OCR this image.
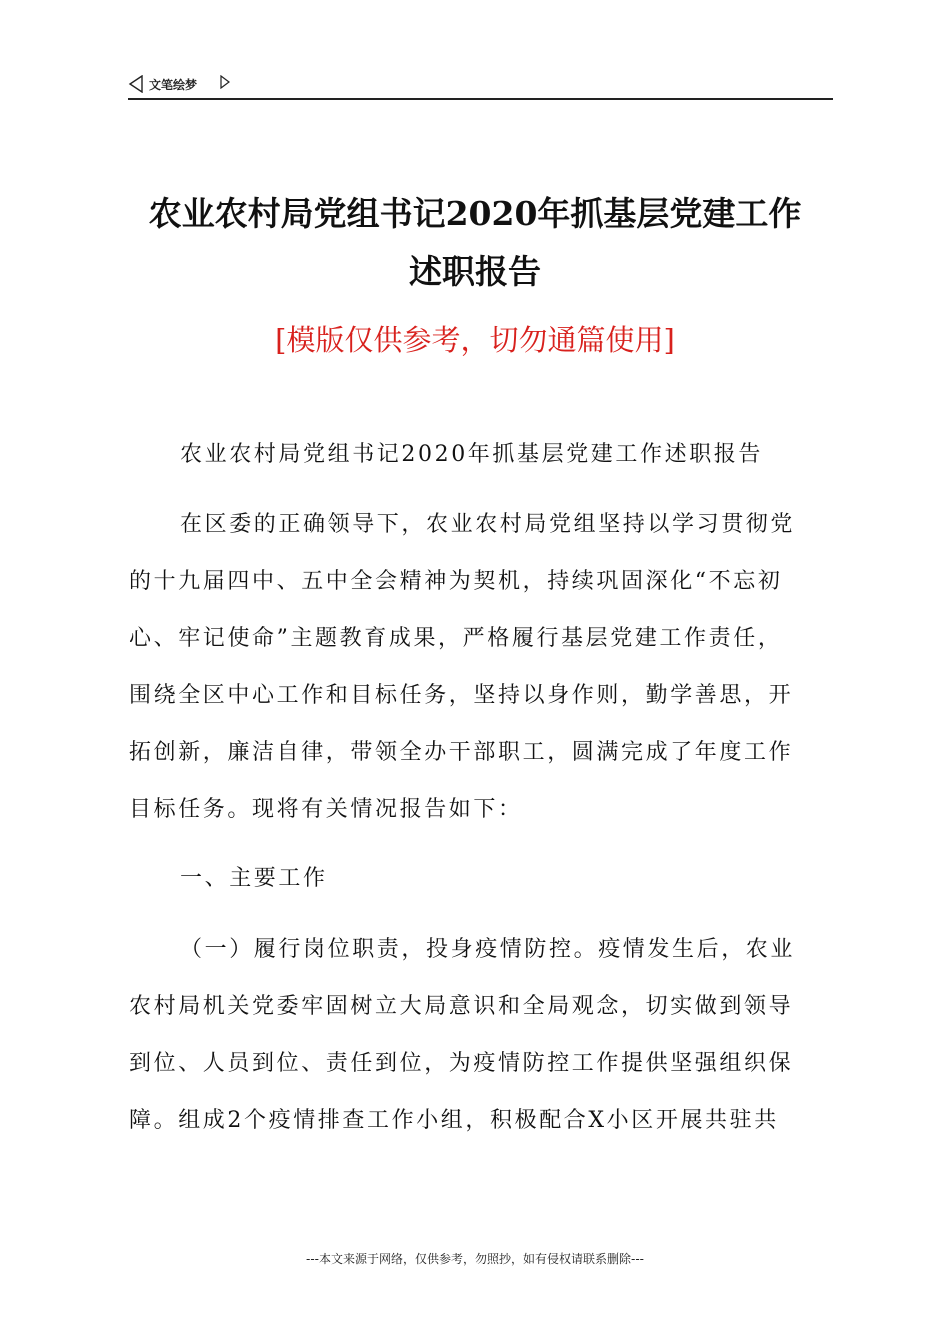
文笔绘梦
农业农村局党组书记2020年抓基层党建工作
述职报告
[模版仅供参考，切勿通篇使用]
农业农村局党组书记2020年抓基层党建工作述职报告
在区委的正确领导下，农业农村局党组坚持以学习贯彻党
的十九届四中、五中全会精神为契机，持续巩固深化“不忘初
心、牢记使命”主题教育成果，严格履行基层党建工作责任，
围绕全区中心工作和目标任务，坚持以身作则，勤学善思，开
拓创新，廉洁自律，带领全办干部职工，圆满完成了年度工作
目标任务。现将有关情况报告如下：
一、主要工作
（一）履行岗位职责，投身疫情防控。疫情发生后，农业
农村局机关党委牢固树立大局意识和全局观念，切实做到领导
到位、人员到位、责任到位，为疫情防控工作提供坚强组织保
障。组成2个疫情排查工作小组，积极配合X小区开展共驻共
---本文来源于网络，仅供参考，勿照抄，如有侵权请联系删除---
